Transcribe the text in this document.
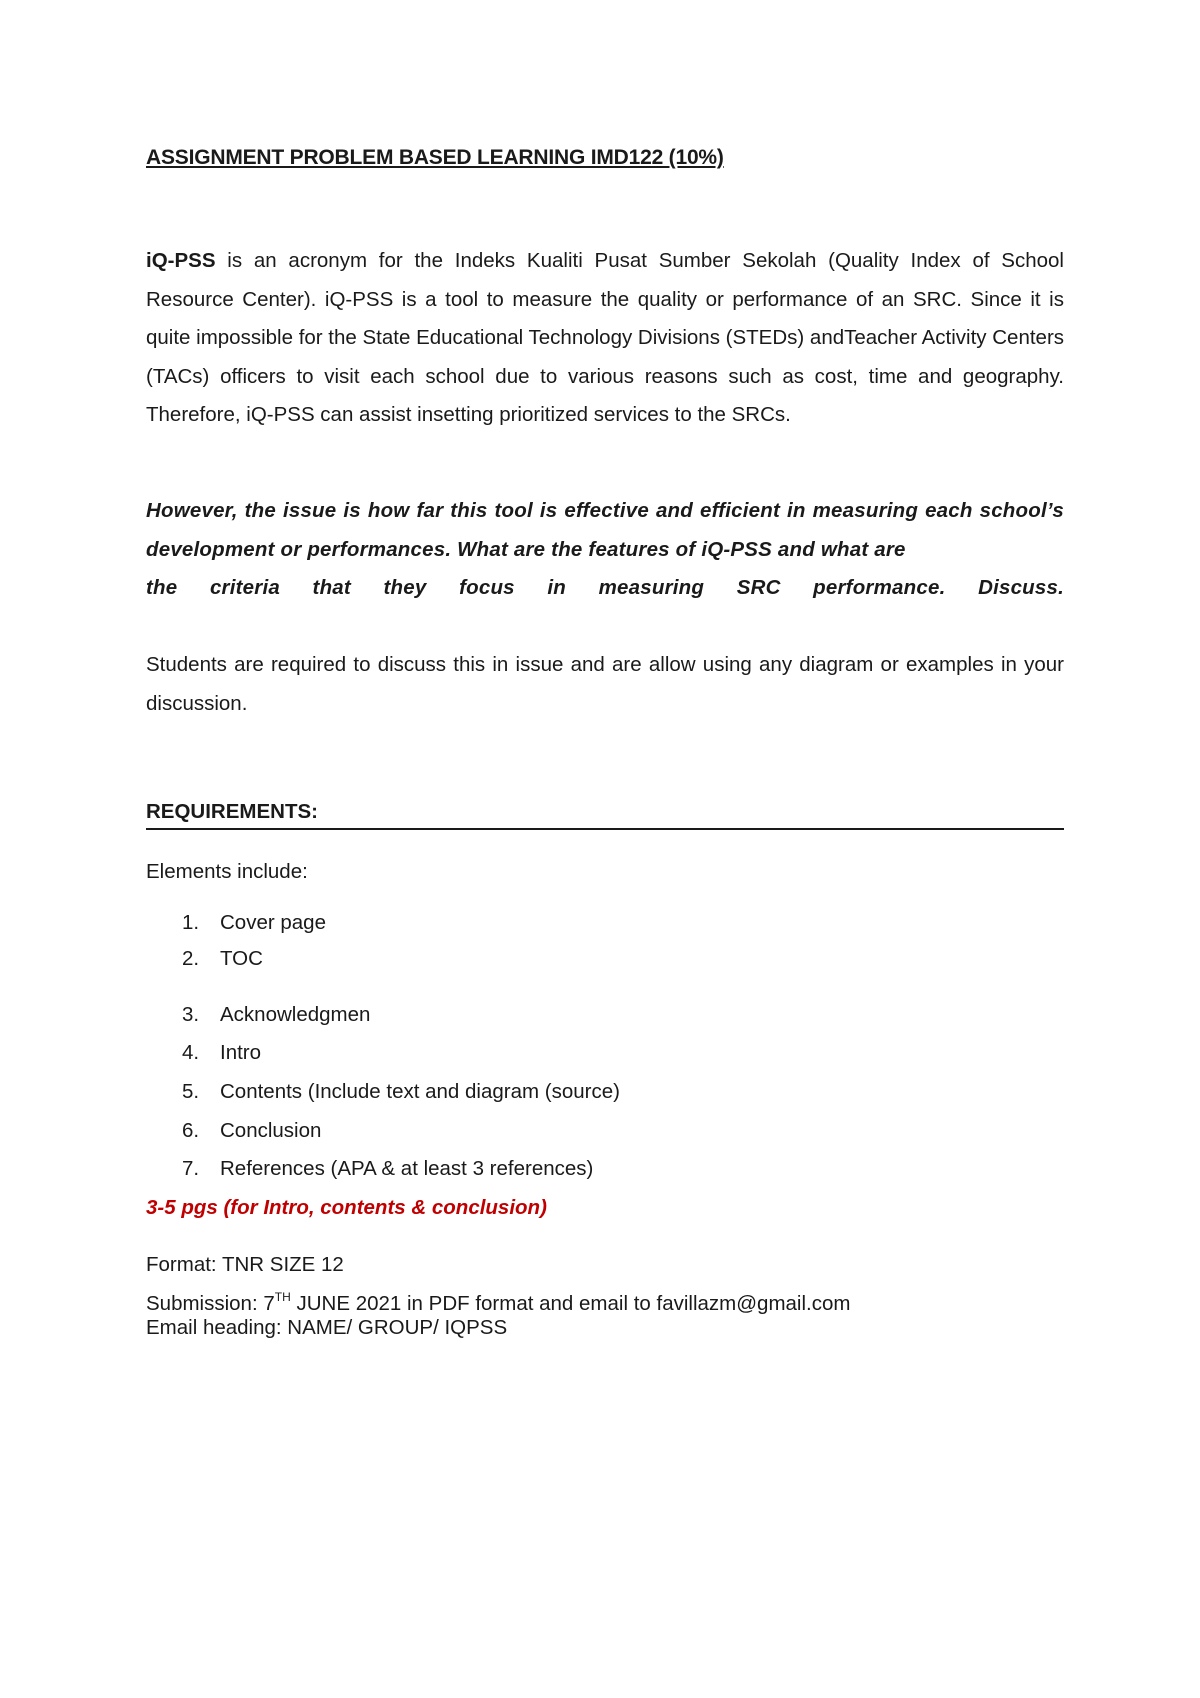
ASSIGNMENT PROBLEM BASED LEARNING IMD122 (10%)
iQ-PSS is an acronym for the Indeks Kualiti Pusat Sumber Sekolah (Quality Index of School Resource Center). iQ-PSS is a tool to measure the quality or performance of an SRC. Since it is quite impossible for the State Educational Technology Divisions (STEDs) andTeacher Activity Centers (TACs) officers to visit each school due to various reasons such as cost, time and geography. Therefore, iQ-PSS can assist insetting prioritized services to the SRCs.
However, the issue is how far this tool is effective and efficient in measuring each school’s development or performances. What are the features of iQ-PSS and what are
the criteria that they focus in measuring SRC performance. Discuss.
Students are required to discuss this in issue and are allow using any diagram or examples in your discussion.
REQUIREMENTS:
Elements include:
1. Cover page
2. TOC
3. Acknowledgmen
4. Intro
5. Contents (Include text and diagram (source)
6. Conclusion
7. References (APA & at least 3 references)
3-5 pgs (for Intro, contents & conclusion)
Format: TNR SIZE 12
Submission: 7TH JUNE 2021 in PDF format and email to favillazm@gmail.com
Email heading: NAME/ GROUP/ IQPSS
